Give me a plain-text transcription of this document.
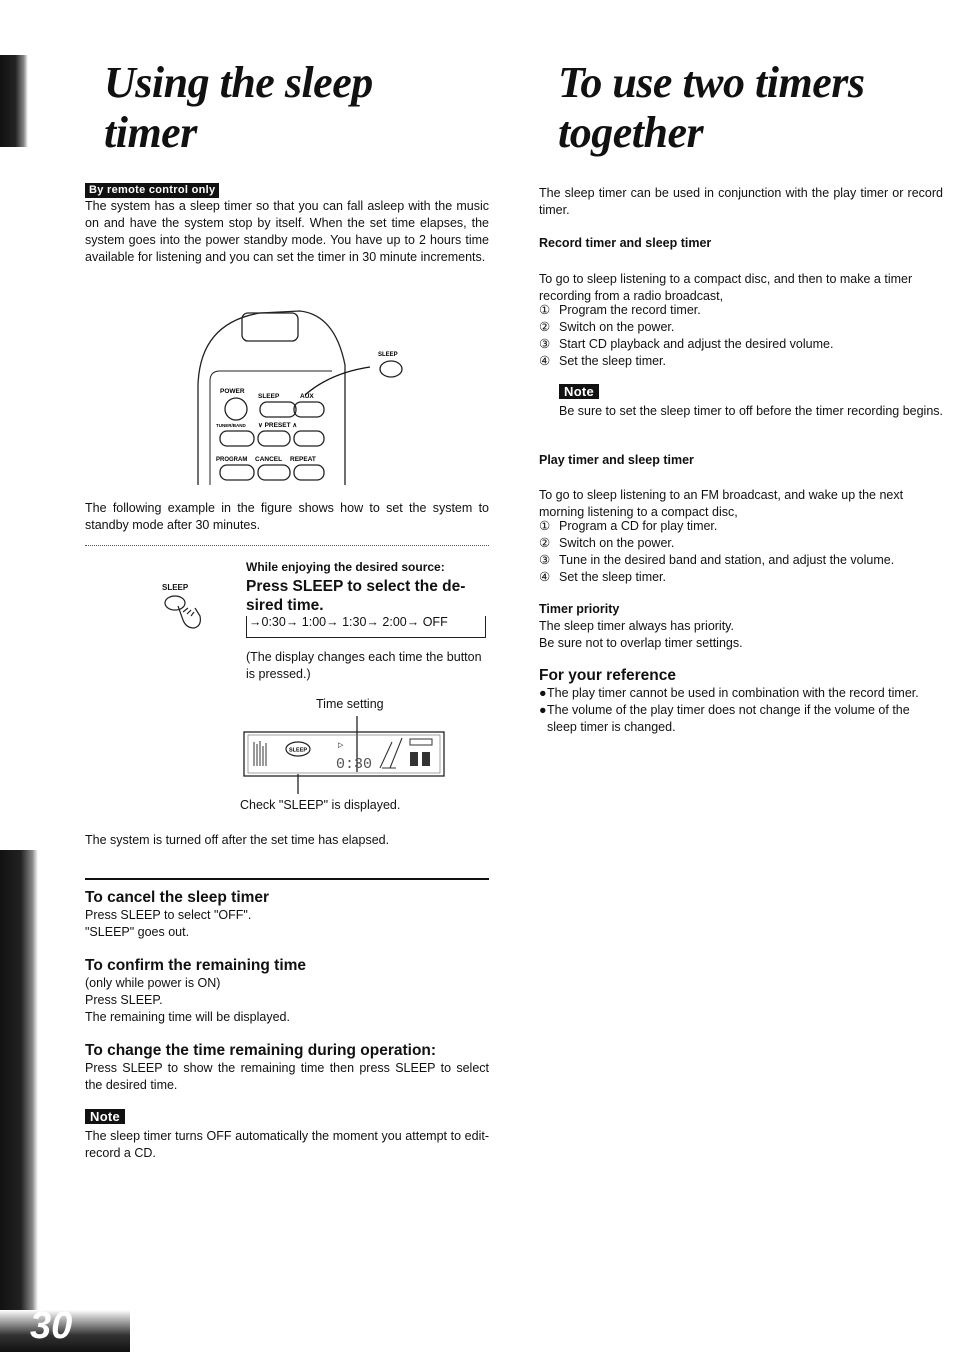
30
Using the sleep
timer
By remote control only
The system has a sleep timer so that you can fall asleep with the music on and have the system stop by itself. When the set time elapses, the system goes into the power standby mode. You have up to 2 hours time available for listening and you can set the timer in 30 minute increments.
SLEEP
POWER
SLEEP	AUX
TUNER/BAND ∨ PRESET ∧
PROGRAM CANCEL REPEAT
The following example in the figure shows how to set the system to standby mode after 30 minutes.
While enjoying the desired source:
SLEEP	Press SLEEP to select the de-
sired time.
→0:30→ 1:00→ 1:30→ 2:00→ OFF
(The display changes each time the button is pressed.)
Time setting
SLEEP
0:30
▷
Check "SLEEP" is displayed.
The system is turned off after the set time has elapsed.
To cancel the sleep timer
Press SLEEP to select "OFF".
"SLEEP" goes out.
To confirm the remaining time
(only while power is ON)
Press SLEEP.
The remaining time will be displayed.
To change the time remaining during operation:
Press SLEEP to show the remaining time then press SLEEP to select the desired time.
Note
The sleep timer turns OFF automatically the moment you attempt to edit-record a CD.
To use two timers
together
The sleep timer can be used in conjunction with the play timer or record timer.
Record timer and sleep timer
To go to sleep listening to a compact disc, and then to make a timer recording from a radio broadcast,
① Program the record timer.
② Switch on the power.
③ Start CD playback and adjust the desired volume.
④ Set the sleep timer.
Note
Be sure to set the sleep timer to off before the timer recording begins.
Play timer and sleep timer
To go to sleep listening to an FM broadcast, and wake up the next morning listening to a compact disc,
① Program a CD for play timer.
② Switch on the power.
③ Tune in the desired band and station, and adjust the volume.
④ Set the sleep timer.
Timer priority
The sleep timer always has priority.
Be sure not to overlap timer settings.
For your reference
● The play timer cannot be used in combination with the record timer.
● The volume of the play timer does not change if the volume of the sleep timer is changed.
